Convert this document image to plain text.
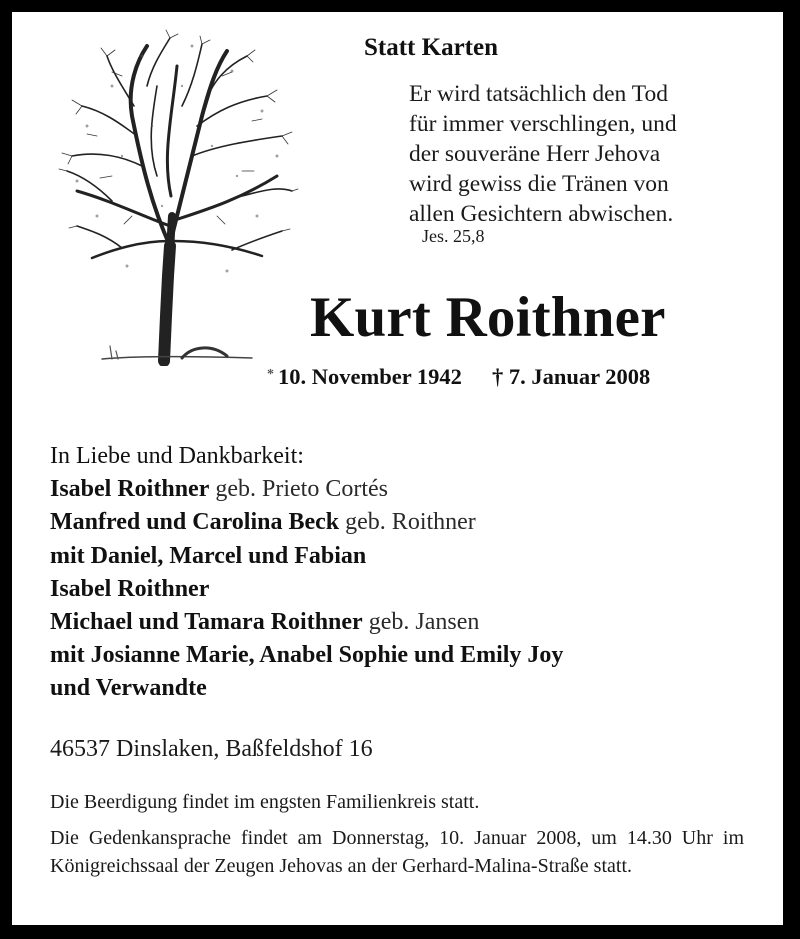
Statt Karten
Er wird tatsächlich den Tod
für immer verschlingen, und
der souveräne Herr Jehova
wird gewiss die Tränen von
allen Gesichtern abwischen.
Jes. 25,8
Kurt Roithner
* 10. November 1942 † 7. Januar 2008
In Liebe und Dankbarkeit:
Isabel Roithner geb. Prieto Cortés
Manfred und Carolina Beck geb. Roithner
mit Daniel, Marcel und Fabian
Isabel Roithner
Michael und Tamara Roithner geb. Jansen
mit Josianne Marie, Anabel Sophie und Emily Joy
und Verwandte
46537 Dinslaken, Baßfeldshof 16

Die Beerdigung findet im engsten Familienkreis statt.

Die Gedenkansprache findet am Donnerstag, 10. Januar 2008, um 14.30 Uhr im Königreichssaal der Zeugen Jehovas an der Gerhard-Malina-Straße statt.
